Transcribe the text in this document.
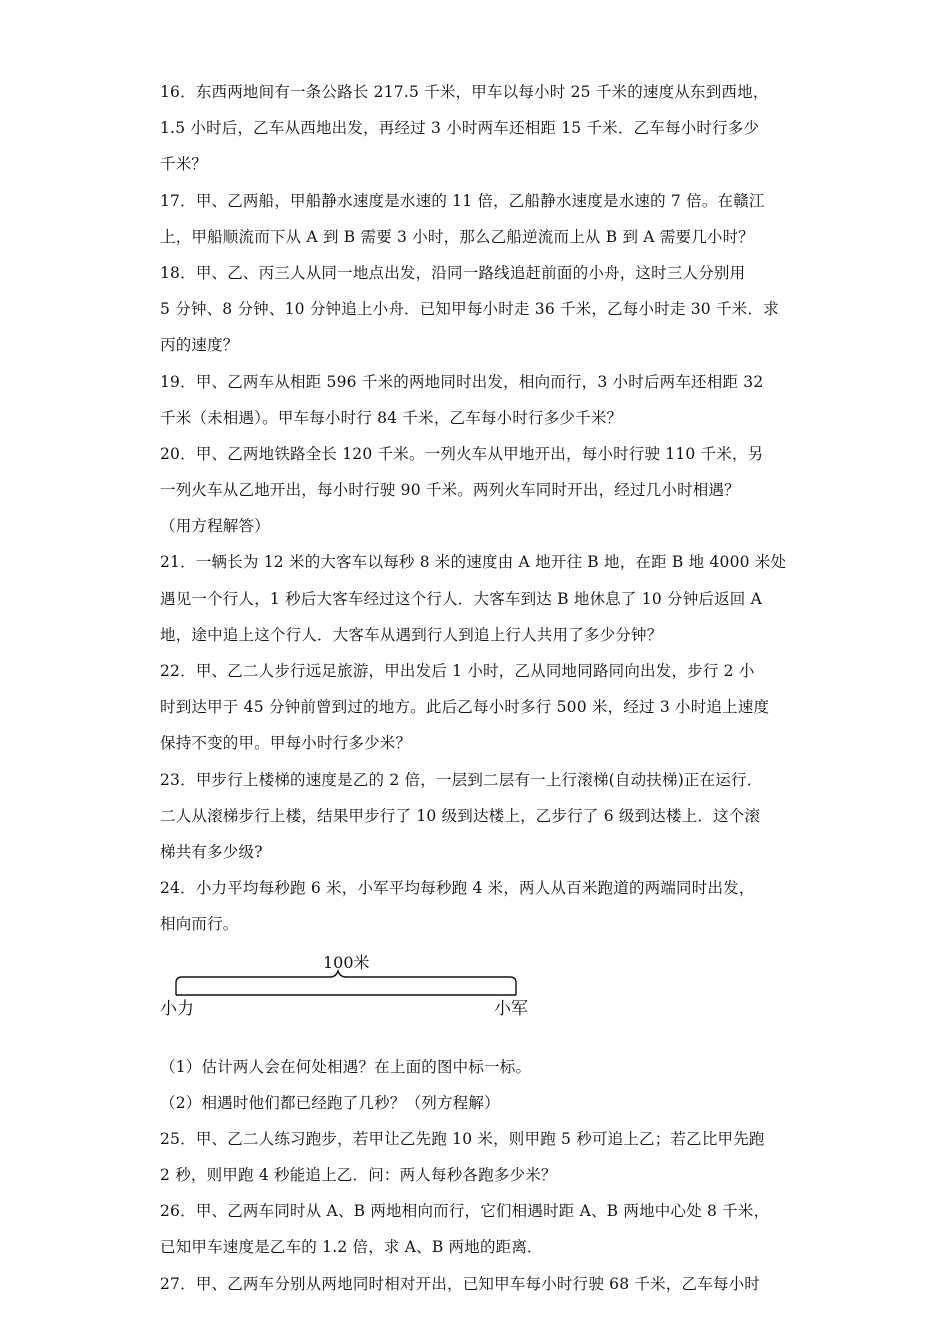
16．东西两地间有一条公路长 217.5 千米，甲车以每小时 25 千米的速度从东到西地，
1.5 小时后，乙车从西地出发，再经过 3 小时两车还相距 15 千米．乙车每小时行多少
千米？
17．甲、乙两船，甲船静水速度是水速的 11 倍，乙船静水速度是水速的 7 倍。在赣江
上，甲船顺流而下从 A 到 B 需要 3 小时，那么乙船逆流而上从 B 到 A 需要几小时？
18．甲、乙、丙三人从同一地点出发，沿同一路线追赶前面的小舟，这时三人分别用
5 分钟、8 分钟、10 分钟追上小舟．已知甲每小时走 36 千米，乙每小时走 30 千米．求
丙的速度？
19．甲、乙两车从相距 596 千米的两地同时出发，相向而行，3 小时后两车还相距 32
千米（未相遇）。甲车每小时行 84 千米，乙车每小时行多少千米？
20．甲、乙两地铁路全长 120 千米。一列火车从甲地开出，每小时行驶 110 千米，另
一列火车从乙地开出，每小时行驶 90 千米。两列火车同时开出，经过几小时相遇？
（用方程解答）
21．一辆长为 12 米的大客车以每秒 8 米的速度由 A 地开往 B 地，在距 B 地 4000 米处
遇见一个行人，1 秒后大客车经过这个行人．大客车到达 B 地休息了 10 分钟后返回 A
地，途中追上这个行人．大客车从遇到行人到追上行人共用了多少分钟？
22．甲、乙二人步行远足旅游，甲出发后 1 小时，乙从同地同路同向出发，步行 2 小
时到达甲于 45 分钟前曾到过的地方。此后乙每小时多行 500 米，经过 3 小时追上速度
保持不变的甲。甲每小时行多少米？
23．甲步行上楼梯的速度是乙的 2 倍，一层到二层有一上行滚梯(自动扶梯)正在运行．
二人从滚梯步行上楼，结果甲步行了 10 级到达楼上，乙步行了 6 级到达楼上．这个滚
梯共有多少级?
24．小力平均每秒跑 6 米，小军平均每秒跑 4 米，两人从百米跑道的两端同时出发，
相向而行。
100米
小力	小军
（1）估计两人会在何处相遇？在上面的图中标一标。
（2）相遇时他们都已经跑了几秒？（列方程解）
25．甲、乙二人练习跑步，若甲让乙先跑 10 米，则甲跑 5 秒可追上乙；若乙比甲先跑
2 秒，则甲跑 4 秒能追上乙．问：两人每秒各跑多少米？
26．甲、乙两车同时从 A、B 两地相向而行，它们相遇时距 A、B 两地中心处 8 千米，
已知甲车速度是乙车的 1.2 倍，求 A、B 两地的距离．
27．甲、乙两车分别从两地同时相对开出，已知甲车每小时行驶 68 千米，乙车每小时
